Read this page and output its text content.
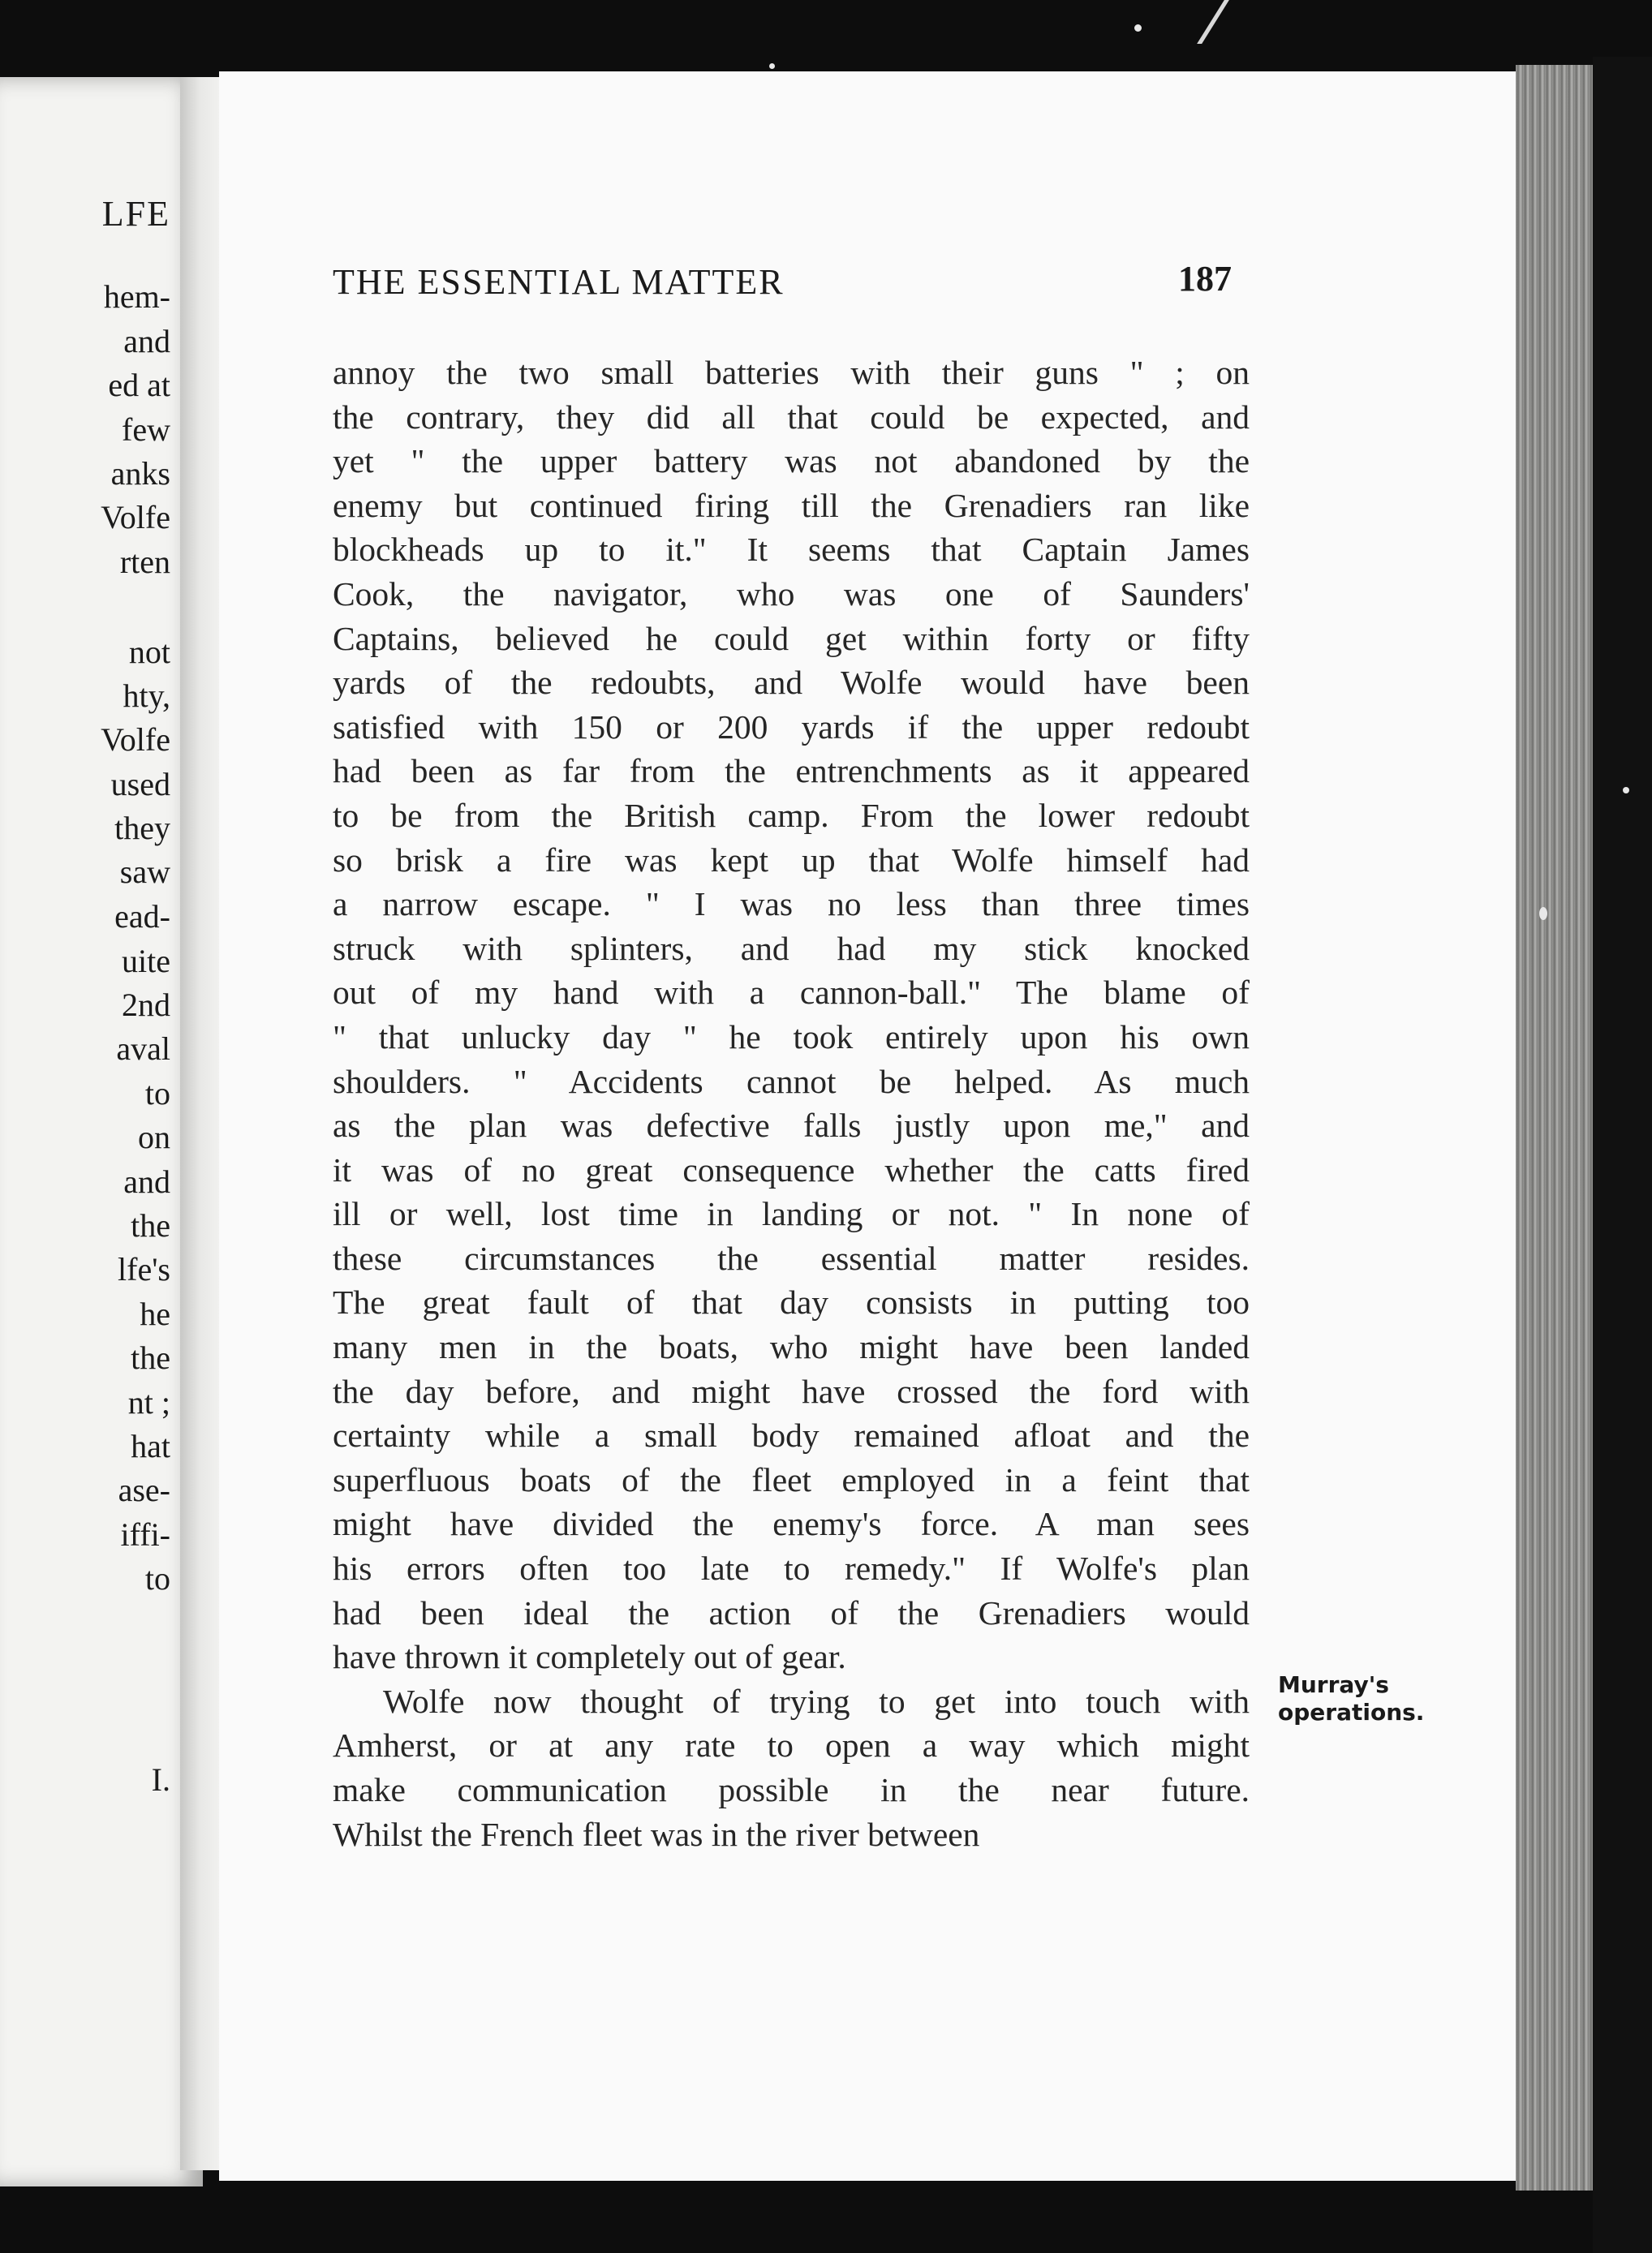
LFE
hem-
and
ed at
few
anks
Volfe
rten
not
hty,
Volfe
used
they
saw
ead-
uite
2nd
aval
to
on
and
the
lfe's
he
the
nt ;
hat
ase-
iffi-
to
I.
THE ESSENTIAL MATTER	187
annoy the two small batteries with their guns " ; on
the contrary, they did all that could be expected, and
yet " the upper battery was not abandoned by the
enemy but continued firing till the Grenadiers ran like
blockheads up to it." It seems that Captain James
Cook, the navigator, who was one of Saunders'
Captains, believed he could get within forty or fifty
yards of the redoubts, and Wolfe would have been
satisfied with 150 or 200 yards if the upper redoubt
had been as far from the entrenchments as it appeared
to be from the British camp. From the lower redoubt
so brisk a fire was kept up that Wolfe himself had
a narrow escape. " I was no less than three times
struck with splinters, and had my stick knocked
out of my hand with a cannon-ball." The blame of
" that unlucky day " he took entirely upon his own
shoulders. " Accidents cannot be helped. As much
as the plan was defective falls justly upon me," and
it was of no great consequence whether the catts fired
ill or well, lost time in landing or not. " In none of
these circumstances the essential matter resides.
The great fault of that day consists in putting too
many men in the boats, who might have been landed
the day before, and might have crossed the ford with
certainty while a small body remained afloat and the
superfluous boats of the fleet employed in a feint that
might have divided the enemy's force. A man sees
his errors often too late to remedy." If Wolfe's plan
had been ideal the action of the Grenadiers would
have thrown it completely out of gear.
Wolfe now thought of trying to get into touch with
Amherst, or at any rate to open a way which might
make communication possible in the near future.
Whilst the French fleet was in the river between
Murray's
operations.
